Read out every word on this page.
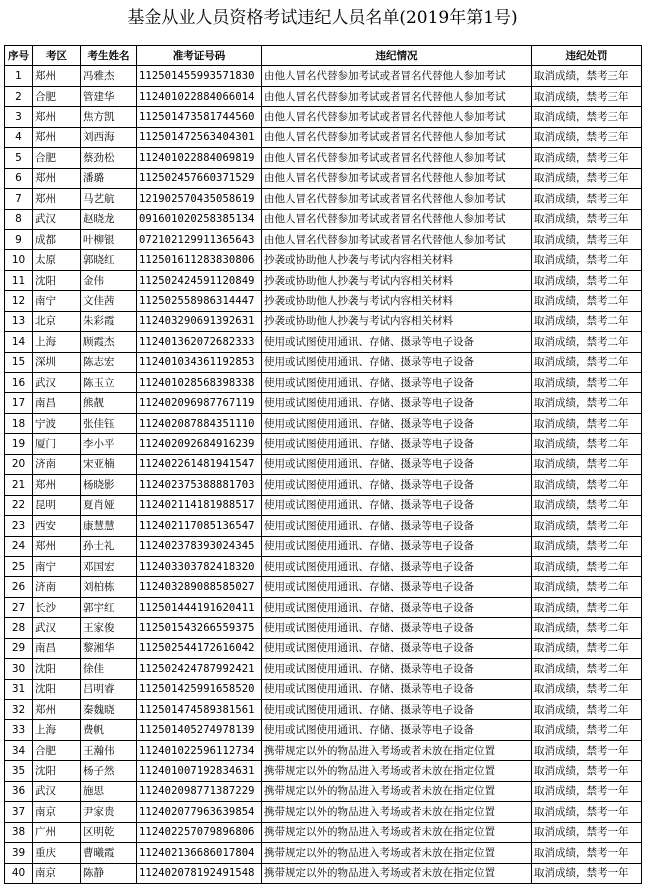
基金从业人员资格考试违纪人员名单(2019年第1号)
序号	考区	考生姓名	准考证号码	违纪情况	违纪处罚
1	郑州	冯雅杰	112501455993571830	由他人冒名代替参加考试或者冒名代替他人参加考试	取消成绩，禁考三年
2	合肥	管建华	112401022884066014	由他人冒名代替参加考试或者冒名代替他人参加考试	取消成绩，禁考三年
3	郑州	焦方凯	112501473581744560	由他人冒名代替参加考试或者冒名代替他人参加考试	取消成绩，禁考三年
4	郑州	刘西海	112501472563404301	由他人冒名代替参加考试或者冒名代替他人参加考试	取消成绩，禁考三年
5	合肥	蔡劲松	112401022884069819	由他人冒名代替参加考试或者冒名代替他人参加考试	取消成绩，禁考三年
6	郑州	潘璐	112502457660371529	由他人冒名代替参加考试或者冒名代替他人参加考试	取消成绩，禁考三年
7	郑州	马艺航	121902570435058619	由他人冒名代替参加考试或者冒名代替他人参加考试	取消成绩，禁考三年
8	武汉	赵晓龙	091601020258385134	由他人冒名代替参加考试或者冒名代替他人参加考试	取消成绩，禁考三年
9	成都	叶柳银	072102129911365643	由他人冒名代替参加考试或者冒名代替他人参加考试	取消成绩，禁考三年
10	太原	郭晓红	112501611283830806	抄袭或协助他人抄袭与考试内容相关材料	取消成绩，禁考二年
11	沈阳	金伟	112502424591120849	抄袭或协助他人抄袭与考试内容相关材料	取消成绩，禁考二年
12	南宁	文佳茜	112502558986314447	抄袭或协助他人抄袭与考试内容相关材料	取消成绩，禁考二年
13	北京	朱彩霞	112403290691392631	抄袭或协助他人抄袭与考试内容相关材料	取消成绩，禁考二年
14	上海	顾霞杰	112401362072682333	使用或试图使用通讯、存储、摄录等电子设备	取消成绩，禁考二年
15	深圳	陈志宏	112401034361192853	使用或试图使用通讯、存储、摄录等电子设备	取消成绩，禁考二年
16	武汉	陈玉立	112401028568398338	使用或试图使用通讯、存储、摄录等电子设备	取消成绩，禁考二年
17	南昌	熊靓	112402096987767119	使用或试图使用通讯、存储、摄录等电子设备	取消成绩，禁考二年
18	宁波	张佳钰	112402087884351110	使用或试图使用通讯、存储、摄录等电子设备	取消成绩，禁考二年
19	厦门	李小平	112402092684916239	使用或试图使用通讯、存储、摄录等电子设备	取消成绩，禁考二年
20	济南	宋亚楠	112402261481941547	使用或试图使用通讯、存储、摄录等电子设备	取消成绩，禁考二年
21	郑州	杨晓影	112402375388881703	使用或试图使用通讯、存储、摄录等电子设备	取消成绩，禁考二年
22	昆明	夏肖娅	112402114181988517	使用或试图使用通讯、存储、摄录等电子设备	取消成绩，禁考二年
23	西安	康慧慧	112402117085136547	使用或试图使用通讯、存储、摄录等电子设备	取消成绩，禁考二年
24	郑州	孙士礼	112402378393024345	使用或试图使用通讯、存储、摄录等电子设备	取消成绩，禁考二年
25	南宁	邓国宏	112403303782418320	使用或试图使用通讯、存储、摄录等电子设备	取消成绩，禁考二年
26	济南	刘柏栋	112403289088585027	使用或试图使用通讯、存储、摄录等电子设备	取消成绩，禁考二年
27	长沙	郭宇红	112501444191620411	使用或试图使用通讯、存储、摄录等电子设备	取消成绩，禁考二年
28	武汉	王家俊	112501543266559375	使用或试图使用通讯、存储、摄录等电子设备	取消成绩，禁考二年
29	南昌	黎湘华	112502544172616042	使用或试图使用通讯、存储、摄录等电子设备	取消成绩，禁考二年
30	沈阳	徐佳	112502424787992421	使用或试图使用通讯、存储、摄录等电子设备	取消成绩，禁考二年
31	沈阳	吕明睿	112501425991658520	使用或试图使用通讯、存储、摄录等电子设备	取消成绩，禁考二年
32	郑州	秦魏晓	112501474589381561	使用或试图使用通讯、存储、摄录等电子设备	取消成绩，禁考二年
33	上海	费帆	112501405274978139	使用或试图使用通讯、存储、摄录等电子设备	取消成绩，禁考二年
34	合肥	王瀚伟	112401022596112734	携带规定以外的物品进入考场或者未放在指定位置	取消成绩，禁考一年
35	沈阳	杨子然	112401007192834631	携带规定以外的物品进入考场或者未放在指定位置	取消成绩，禁考一年
36	武汉	施思	112402098771387229	携带规定以外的物品进入考场或者未放在指定位置	取消成绩，禁考一年
37	南京	尹家贵	112402077963639854	携带规定以外的物品进入考场或者未放在指定位置	取消成绩，禁考一年
38	广州	区明乾	112402257079896806	携带规定以外的物品进入考场或者未放在指定位置	取消成绩，禁考一年
39	重庆	曹曦霞	112402136686017804	携带规定以外的物品进入考场或者未放在指定位置	取消成绩，禁考一年
40	南京	陈静	112402078192491548	携带规定以外的物品进入考场或者未放在指定位置	取消成绩，禁考一年
